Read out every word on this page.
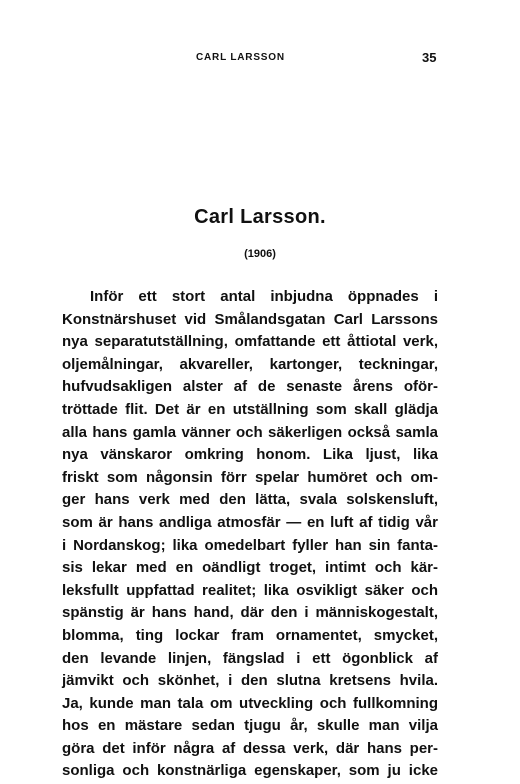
CARL LARSSON	35
Carl Larsson.
(1906)
Inför ett stort antal inbjudna öppnades i
Konstnärshuset vid Smålandsgatan Carl Larssons
nya separatutställning, omfattande ett åttiotal verk,
oljemålningar, akvareller, kartonger, teckningar,
hufvudsakligen alster af de senaste årens oför-
tröttade flit. Det är en utställning som skall glädja
alla hans gamla vänner och säkerligen också samla
nya vänskaror omkring honom. Lika ljust, lika
friskt som någonsin förr spelar humöret och om-
ger hans verk med den lätta, svala solskensluft,
som är hans andliga atmosfär — en luft af tidig vår
i Nordanskog; lika omedelbart fyller han sin fanta-
sis lekar med en oändligt troget, intimt och kär-
leksfullt uppfattad realitet; lika osvikligt säker och
spänstig är hans hand, där den i människogestalt,
blomma, ting lockar fram ornamentet, smycket,
den levande linjen, fängslad i ett ögonblick af
jämvikt och skönhet, i den slutna kretsens hvila.
Ja, kunde man tala om utveckling och fullkomning
hos en mästare sedan tjugu år, skulle man vilja
göra det inför några af dessa verk, där hans per-
sonliga och konstnärliga egenskaper, som ju icke
